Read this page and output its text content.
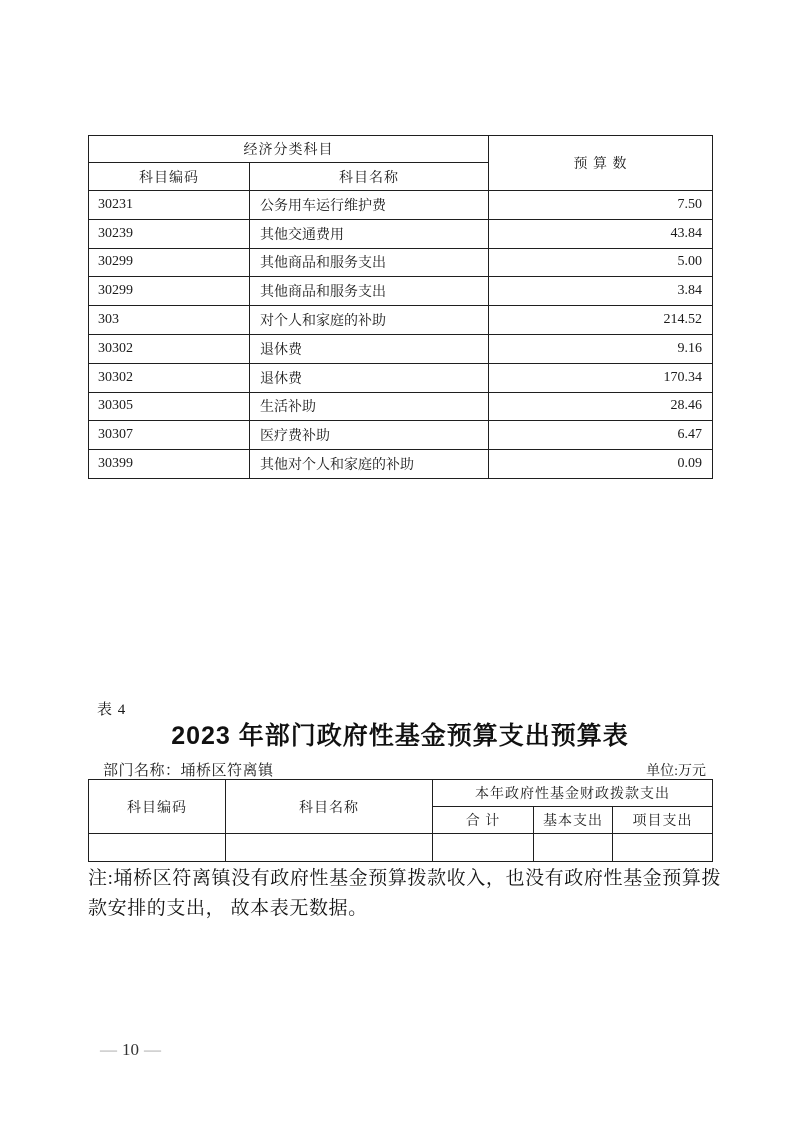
经济分类科目		预 算 数
科目编码	科目名称	
30231	公务用车运行维护费	7.50
30239	其他交通费用	43.84
30299	其他商品和服务支出	5.00
30299	其他商品和服务支出	3.84
303	对个人和家庭的补助	214.52
30302	退休费	9.16
30302	退休费	170.34
30305	生活补助	28.46
30307	医疗费补助	6.47
30399	其他对个人和家庭的补助	0.09
表 4
2023 年部门政府性基金预算支出预算表
部门名称：埇桥区符离镇	单位:万元
科目编码	科目名称	本年政府性基金财政拨款支出		
		合 计	基本支出	项目支出

注:埇桥区符离镇没有政府性基金预算拨款收入，也没有政府性基金预算拨
款安排的支出， 故本表无数据。
— 10 —
